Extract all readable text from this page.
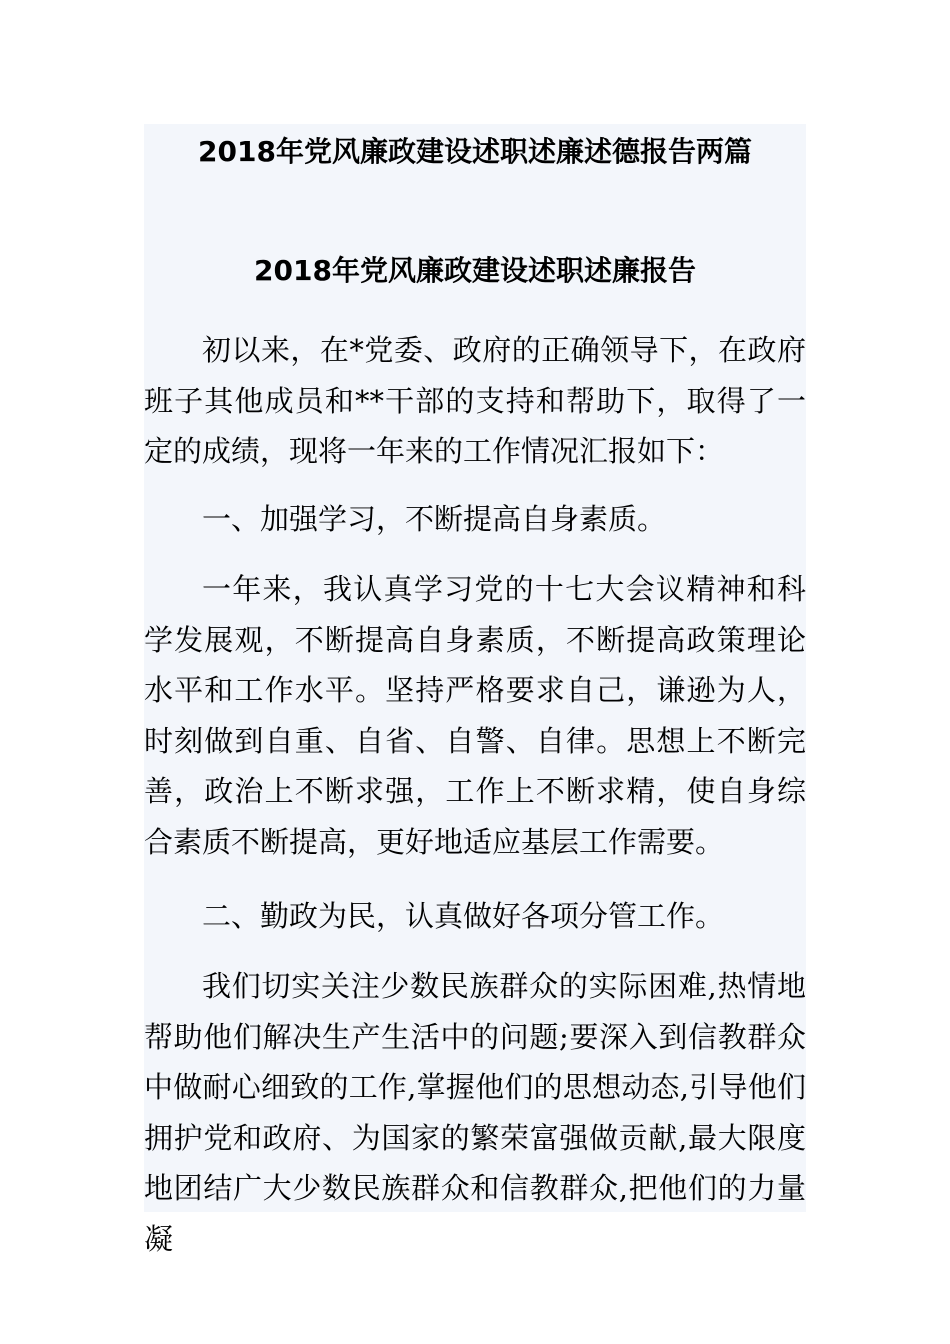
2018年党风廉政建设述职述廉述德报告两篇
2018年党风廉政建设述职述廉报告

初以来，在*党委、政府的正确领导下，在政府班子其他成员和**干部的支持和帮助下，取得了一定的成绩，现将一年来的工作情况汇报如下：

一、加强学习，不断提高自身素质。

一年来，我认真学习党的十七大会议精神和科学发展观，不断提高自身素质，不断提高政策理论水平和工作水平。坚持严格要求自己，谦逊为人，时刻做到自重、自省、自警、自律。思想上不断完善，政治上不断求强，工作上不断求精，使自身综合素质不断提高，更好地适应基层工作需要。

二、勤政为民，认真做好各项分管工作。

我们切实关注少数民族群众的实际困难,热情地帮助他们解决生产生活中的问题;要深入到信教群众中做耐心细致的工作,掌握他们的思想动态,引导他们拥护党和政府、为国家的繁荣富强做贡献,最大限度地团结广大少数民族群众和信教群众,把他们的力量凝
